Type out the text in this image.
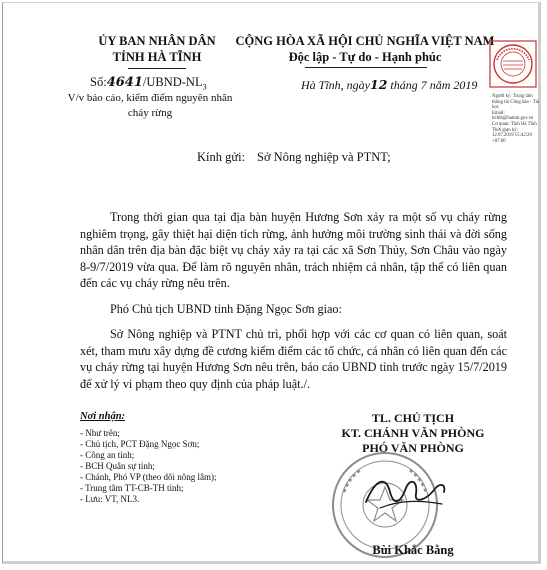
ỦY BAN NHÂN DÂN
TỈNH HÀ TĨNH
$Số:4641/UBND-NL_3$
V/v báo cáo, kiểm điểm nguyên nhân
cháy rừng
CỘNG HÒA XÃ HỘI CHỦ NGHĨA VIỆT NAM
Độc lập - Tự do - Hạnh phúc
Hà Tĩnh, ngày12 tháng 7 năm 2019
Người ký: Trung tâm thông tin Công báo - Tin học
Email:
ttcbth@hatinh.gov.vn
Cơ quan: Tỉnh Hà Tĩnh
Thời gian ký:
12.07.2019 15:42:26 +07:00
Kính gửi: Sở Nông nghiệp và PTNT;
Trong thời gian qua tại địa bàn huyện Hương Sơn xảy ra một số vụ cháy rừng nghiêm trọng, gây thiệt hại diện tích rừng, ảnh hưởng môi trường sinh thái và đời sống nhân dân trên địa bàn đặc biệt vụ cháy xảy ra tại các xã Sơn Thủy, Sơn Châu vào ngày 8-9/7/2019 vừa qua. Để làm rõ nguyên nhân, trách nhiệm cá nhân, tập thể có liên quan đến các vụ cháy rừng nêu trên.
Phó Chủ tịch UBND tỉnh Đặng Ngọc Sơn giao:
Sở Nông nghiệp và PTNT chủ trì, phối hợp với các cơ quan có liên quan, soát xét, tham mưu xây dựng đề cương kiểm điểm các tổ chức, cá nhân có liên quan đến các vụ cháy rừng tại huyện Hương Sơn nêu trên, báo cáo UBND tỉnh trước ngày 15/7/2019 để xử lý vi phạm theo quy định của pháp luật./.
Nơi nhận:
- Như trên;
- Chủ tịch, PCT Đặng Ngọc Sơn;
- Công an tỉnh;
- BCH Quân sự tỉnh;
- Chánh, Phó VP (theo dõi nông lâm);
- Trung tâm TT-CB-TH tỉnh;
- Lưu: VT, NL3.
TL. CHỦ TỊCH
KT. CHÁNH VĂN PHÒNG
PHÓ VĂN PHÒNG
Bùi Khắc Bằng
